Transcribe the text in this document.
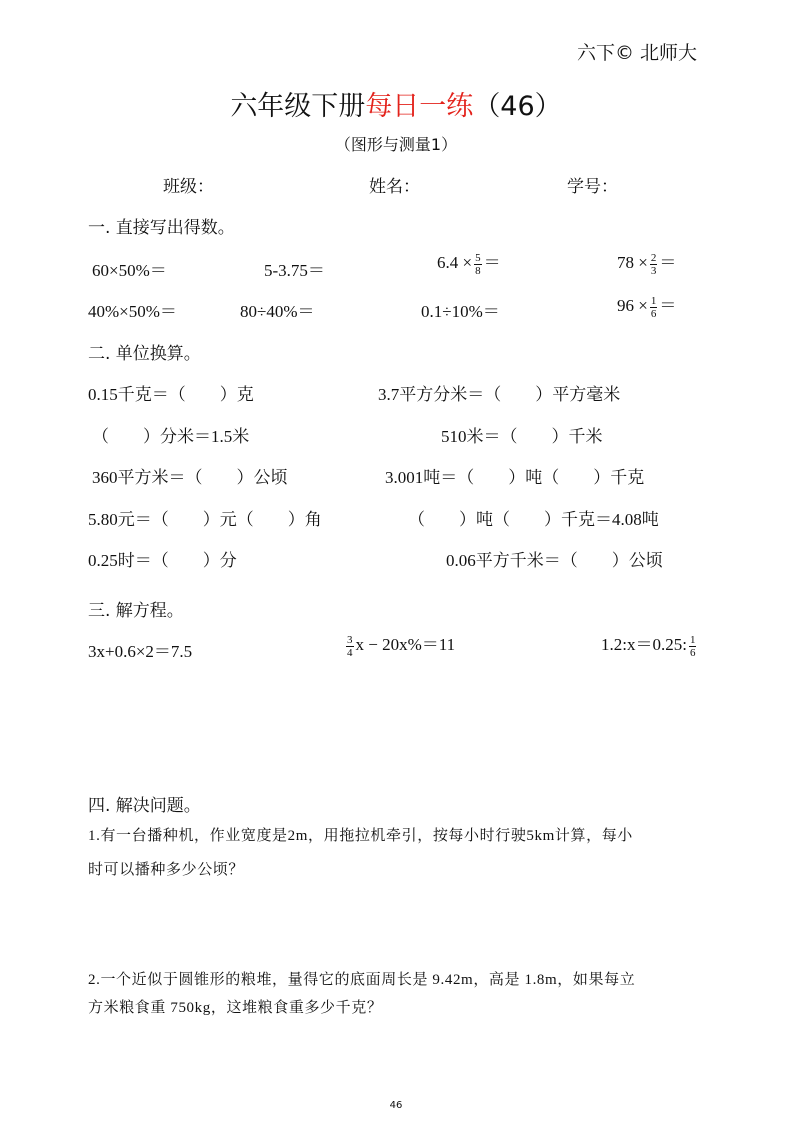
六下© 北师大
六年级下册每日一练（46）
（图形与测量1）
班级：	姓名：	学号：
一. 直接写出得数。
60×50%＝	5-3.75＝	$6.4 \times \frac{5}{8}$ ＝	$78 \times \frac{2}{3}$ ＝
40%×50%＝	80÷40%＝	0.1÷10%＝	$96 \times \frac{1}{6}$ ＝
二. 单位换算。
0.15千克＝（　　）克	3.7平方分米＝（　　）平方毫米
（　　）分米＝1.5米	510米＝（　　）千米
360平方米＝（　　）公顷	3.001吨＝（　　）吨（　　）千克
5.80元＝（　　）元（　　）角	（　　）吨（　　）千克＝4.08吨
0.25时＝（　　）分	0.06平方千米＝（　　）公顷
三. 解方程。
3x+0.6×2＝7.5	$\frac{3}{4}$ x − 20x%＝11	1.2:x＝0.25: $\frac{1}{6}$
四. 解决问题。
1.有一台播种机，作业宽度是2m，用拖拉机牵引，按每小时行驶5km计算，每小
时可以播种多少公顷？
2.一个近似于圆锥形的粮堆，量得它的底面周长是 9.42m，高是 1.8m，如果每立
方米粮食重 750kg，这堆粮食重多少千克？
46
